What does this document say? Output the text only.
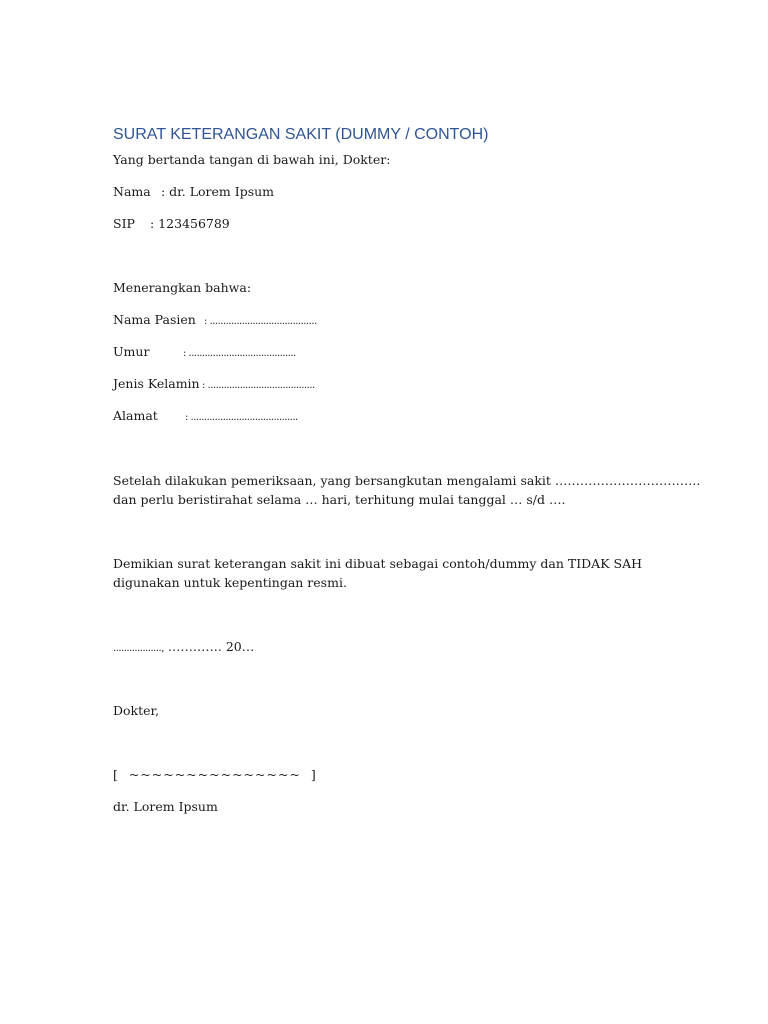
SURAT KETERANGAN SAKIT (DUMMY / CONTOH)
Yang bertanda tangan di bawah ini, Dokter:
Nama : dr. Lorem Ipsum
SIP : 123456789
Menerangkan bahwa:
Nama Pasien : ........................................
Umur	: ........................................
Jenis Kelamin : ........................................
Alamat	: ........................................
Setelah dilakukan pemeriksaan, yang bersangkutan mengalami sakit ……………………………..
dan perlu beristirahat selama … hari, terhitung mulai tanggal … s/d ….
Demikian surat keterangan sakit ini dibuat sebagai contoh/dummy dan TIDAK SAH
digunakan untuk kepentingan resmi.
.................., …………. 20…
Dokter,
[  ~~~~~~~~~~~~~~~  ]
dr. Lorem Ipsum
